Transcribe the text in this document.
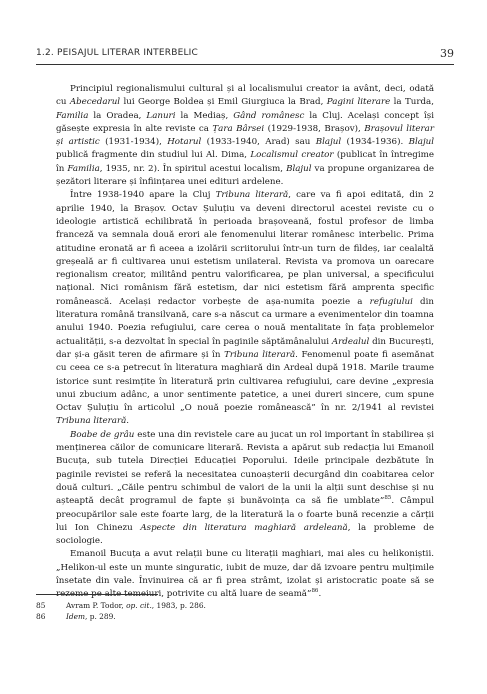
1.2. PEISAJUL LITERAR INTERBELIC	39

Principiul regionalismului cultural și al localismului creator ia avânt, deci, odată cu Abecedarul lui George Boldea și Emil Giurgiuca la Brad, Pagini literare la Turda, Familia la Oradea, Lanuri la Mediaș, Gând românesc la Cluj. Același concept își găsește expresia în alte reviste ca Țara Bârsei (1929-1938, Brașov), Brașovul literar și artistic (1931-1934), Hotarul (1933-1940, Arad) sau Blajul (1934-1936). Blajul publică fragmente din studiul lui Al. Dima, Localismul creator (publicat în întregime în Familia, 1935, nr. 2). În spiritul acestui localism, Blajul va propune organizarea de șezători literare și înființarea unei edituri ardelene.

Între 1938-1940 apare la Cluj Tribuna literară, care va fi apoi editată, din 2 aprilie 1940, la Brașov. Octav Șuluțiu va deveni directorul acestei reviste cu o ideologie artistică echilibrată în perioada brașoveană, fostul profesor de limba franceză va semnala două erori ale fenomenului literar românesc interbelic. Prima atitudine eronată ar fi aceea a izolării scriitorului într-un turn de fildeș, iar cealaltă greșeală ar fi cultivarea unui estetism unilateral. Revista va promova un oarecare regionalism creator, militând pentru valorificarea, pe plan universal, a specificului național. Nici românism fără estetism, dar nici estetism fără amprenta specific românească. Același redactor vorbește de așa-numita poezie a refugiului din literatura română transilvană, care s-a născut ca urmare a evenimentelor din toamna anului 1940. Poezia refugiului, care cerea o nouă mentalitate în fața problemelor actualității, s-a dezvoltat în special în paginile săptămânalului Ardealul din București, dar și-a găsit teren de afirmare și în Tribuna literară. Fenomenul poate fi asemănat cu ceea ce s-a petrecut în literatura maghiară din Ardeal după 1918. Marile traume istorice sunt resimțite în literatură prin cultivarea refugiului, care devine „expresia unui zbucium adânc, a unor sentimente patetice, a unei dureri sincere, cum spune Octav Șuluțiu în articolul „O nouă poezie românească” în nr. 2/1941 al revistei Tribuna literară.

Boabe de grâu este una din revistele care au jucat un rol important în stabilirea și menținerea căilor de comunicare literară. Revista a apărut sub redacția lui Emanoil Bucuța, sub tutela Direcției Educației Poporului. Ideile principale dezbătute în paginile revistei se referă la necesitatea cunoașterii decurgând din coabitarea celor două culturi. „Căile pentru schimbul de valori de la unii la alții sunt deschise și nu așteaptă decât programul de fapte și bunăvoința ca să fie umblate”$^{85}$. Câmpul preocupărilor sale este foarte larg, de la literatură la o foarte bună recenzie a cărții lui Ion Chinezu Aspecte din literatura maghiară ardeleană, la probleme de sociologie.

Emanoil Bucuța a avut relații bune cu literații maghiari, mai ales cu helikoniștii. „Helikon-ul este un munte singuratic, iubit de muze, dar dă izvoare pentru mulțimile însetate din vale. Învinuirea că ar fi prea strâmt, izolat și aristocratic poate să se rezeme pe alte temeiuri, potrivite cu altă luare de seamă”$^{86}$.

85	Avram P. Todor, op. cit., 1983, p. 286.
86	Idem, p. 289.
